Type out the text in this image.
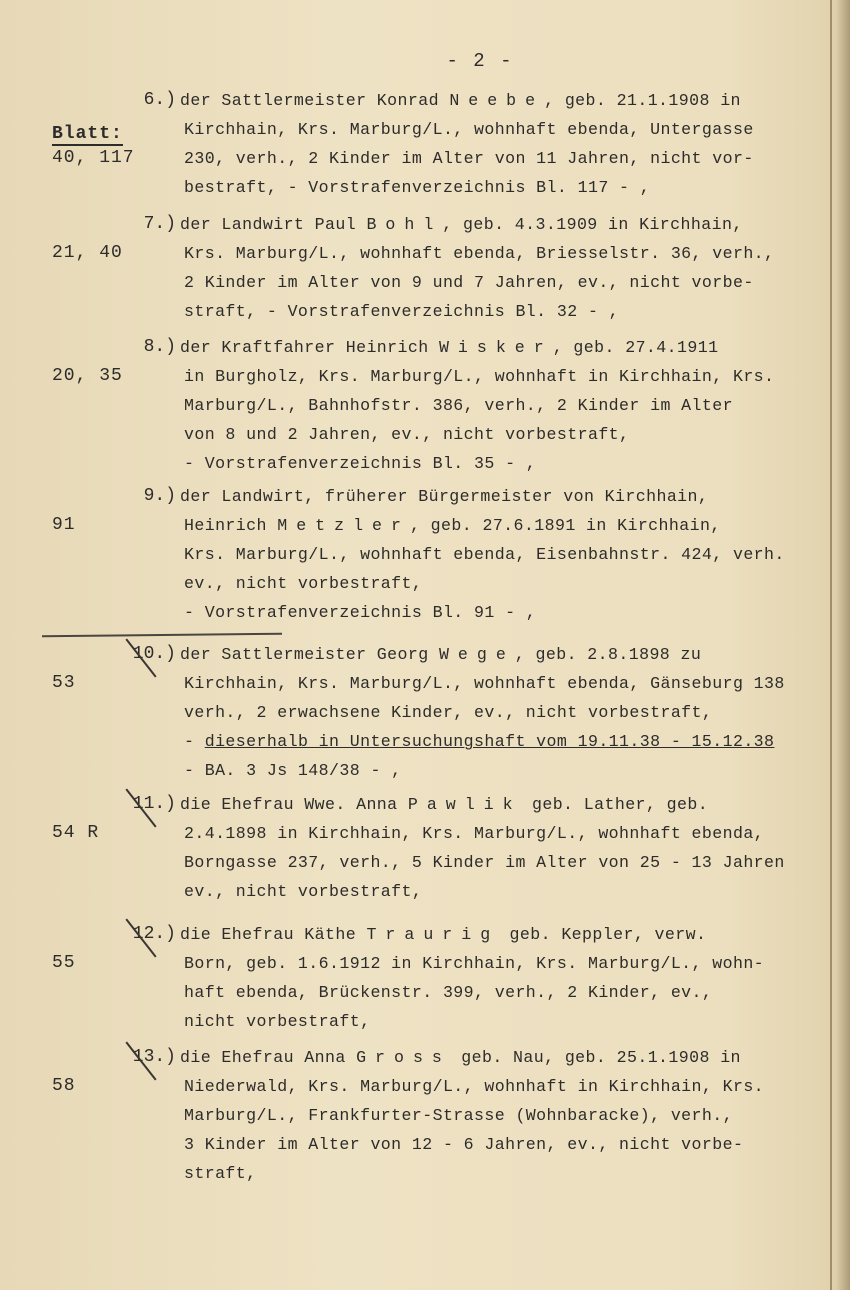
- 2 -
Blatt:
6.)
40, 117
der Sattlermeister Konrad Neebe, geb. 21.1.1908 in
Kirchhain, Krs. Marburg/L., wohnhaft ebenda, Untergasse
230, verh., 2 Kinder im Alter von 11 Jahren, nicht vor-
bestraft, - Vorstrafenverzeichnis Bl. 117 - ,
7.)
21, 40
der Landwirt Paul Bohl, geb. 4.3.1909 in Kirchhain,
Krs. Marburg/L., wohnhaft ebenda, Briesselstr. 36, verh.,
2 Kinder im Alter von 9 und 7 Jahren, ev., nicht vorbe-
straft, - Vorstrafenverzeichnis Bl. 32 - ,
8.)
20, 35
der Kraftfahrer Heinrich Wisker, geb. 27.4.1911
in Burgholz, Krs. Marburg/L., wohnhaft in Kirchhain, Krs.
Marburg/L., Bahnhofstr. 386, verh., 2 Kinder im Alter
von 8 und 2 Jahren, ev., nicht vorbestraft,
- Vorstrafenverzeichnis Bl. 35 - ,
9.)
91
der Landwirt, früherer Bürgermeister von Kirchhain,
Heinrich Metzler, geb. 27.6.1891 in Kirchhain,
Krs. Marburg/L., wohnhaft ebenda, Eisenbahnstr. 424, verh.
ev., nicht vorbestraft,
- Vorstrafenverzeichnis Bl. 91 - ,
10.)
53
der Sattlermeister Georg Wege, geb. 2.8.1898 zu
Kirchhain, Krs. Marburg/L., wohnhaft ebenda, Gänseburg 138
verh., 2 erwachsene Kinder, ev., nicht vorbestraft,
- dieserhalb in Untersuchungshaft vom 19.11.38 - 15.12.38
- BA. 3 Js 148/38 - ,
11.)
54 R
die Ehefrau Wwe. Anna Pawlik geb. Lather, geb.
2.4.1898 in Kirchhain, Krs. Marburg/L., wohnhaft ebenda,
Borngasse 237, verh., 5 Kinder im Alter von 25 - 13 Jahren
ev., nicht vorbestraft,
12.)
55
die Ehefrau Käthe Traurig geb. Keppler, verw.
Born, geb. 1.6.1912 in Kirchhain, Krs. Marburg/L., wohn-
haft ebenda, Brückenstr. 399, verh., 2 Kinder, ev.,
nicht vorbestraft,
13.)
58
die Ehefrau Anna Gross geb. Nau, geb. 25.1.1908 in
Niederwald, Krs. Marburg/L., wohnhaft in Kirchhain, Krs.
Marburg/L., Frankfurter-Strasse (Wohnbaracke), verh.,
3 Kinder im Alter von 12 - 6 Jahren, ev., nicht vorbe-
straft,
